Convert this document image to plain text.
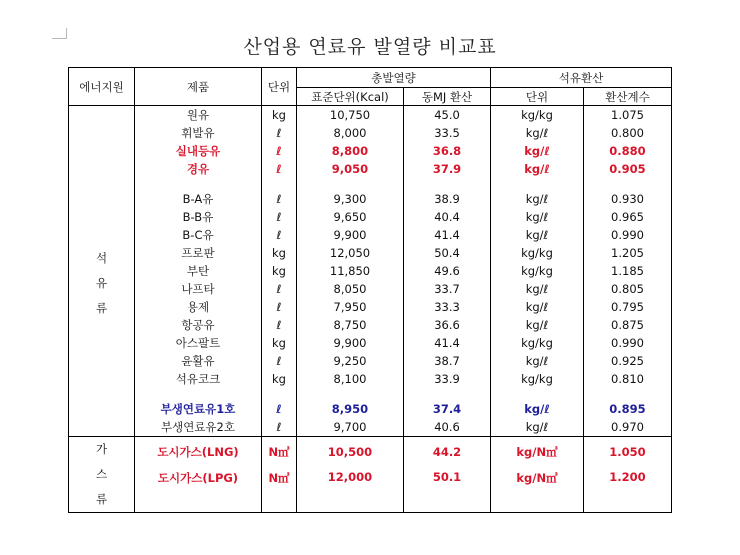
산업용 연료유 발열량 비교표
에너지원	제품	단위	총발열량		석유환산	
			표준단위(Kcal)	동MJ 환산	단위	환산계수
석
유
류	원유	kg	10,750	45.0	kg/kg	1.075
	휘발유	ℓ	8,000	33.5	kg/ℓ	0.800
	실내등유	ℓ	8,800	36.8	kg/ℓ	0.880
	경유	ℓ	9,050	37.9	kg/ℓ	0.905

	B-A유	ℓ	9,300	38.9	kg/ℓ	0.930
	B-B유	ℓ	9,650	40.4	kg/ℓ	0.965
	B-C유	ℓ	9,900	41.4	kg/ℓ	0.990
	프로판	kg	12,050	50.4	kg/kg	1.205
	부탄	kg	11,850	49.6	kg/kg	1.185
	나프타	ℓ	8,050	33.7	kg/ℓ	0.805
	용제	ℓ	7,950	33.3	kg/ℓ	0.795
	항공유	ℓ	8,750	36.6	kg/ℓ	0.875
	아스팔트	kg	9,900	41.4	kg/kg	0.990
	윤활유	ℓ	9,250	38.7	kg/ℓ	0.925
	석유코크	kg	8,100	33.9	kg/kg	0.810

	부생연료유1호	ℓ	8,950	37.4	kg/ℓ	0.895
	부생연료유2호	ℓ	9,700	40.6	kg/ℓ	0.970
가
스
류	도시가스(LNG)	N㎥	10,500	44.2	kg/N㎥	1.050
	도시가스(LPG)	N㎥	12,000	50.1	kg/N㎥	1.200
